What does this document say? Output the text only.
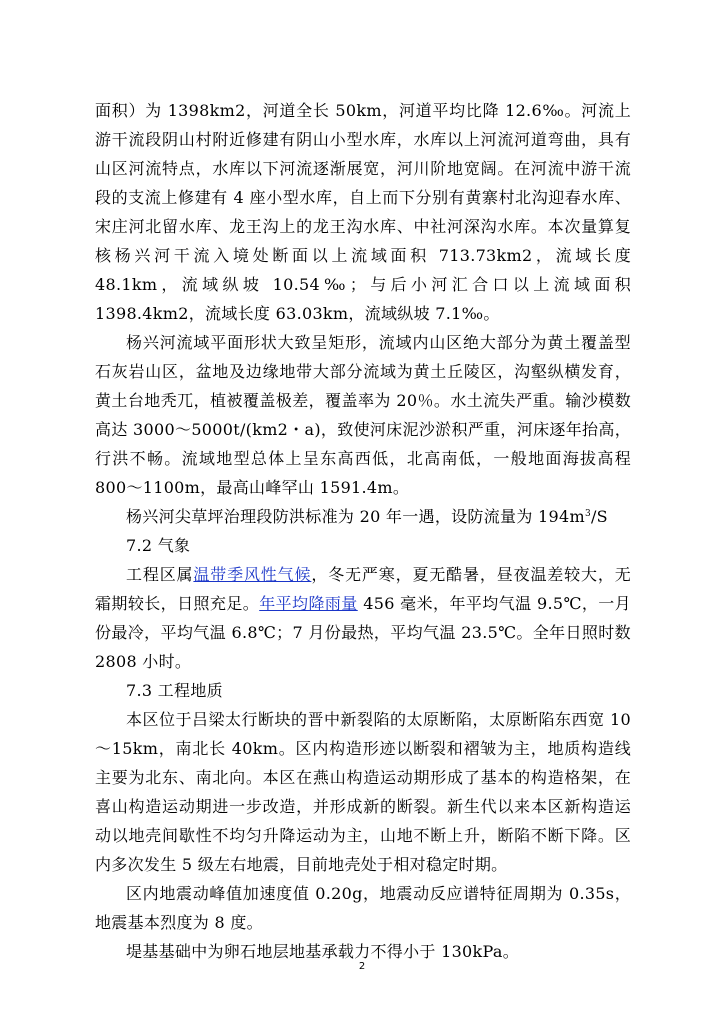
面积）为 1398km2，河道全长 50km，河道平均比降 12.6‰。河流上游干流段阴山村附近修建有阴山小型水库，水库以上河流河道弯曲，具有山区河流特点，水库以下河流逐渐展宽，河川阶地宽阔。在河流中游干流段的支流上修建有 4 座小型水库，自上而下分别有黄寨村北沟迎春水库、宋庄河北留水库、龙王沟上的龙王沟水库、中社河深沟水库。本次量算复核杨兴河干流入境处断面以上流域面积 713.73km2，流域长度 48.1km，流域纵坡 10.54‰；与后小河汇合口以上流域面积 1398.4km2，流域长度 63.03km，流域纵坡 7.1‰。

杨兴河流域平面形状大致呈矩形，流域内山区绝大部分为黄土覆盖型石灰岩山区，盆地及边缘地带大部分流域为黄土丘陵区，沟壑纵横发育，黄土台地秃兀，植被覆盖极差，覆盖率为 20％。水土流失严重。输沙模数高达 3000～5000t/(km2・a)，致使河床泥沙淤积严重，河床逐年抬高，行洪不畅。流域地型总体上呈东高西低，北高南低，一般地面海拔高程 800～1100m，最高山峰罕山 1591.4m。

杨兴河尖草坪治理段防洪标准为 20 年一遇，设防流量为 $194m^3/S$

7.2 气象

工程区属温带季风性气候，冬无严寒，夏无酷暑，昼夜温差较大，无霜期较长，日照充足。年平均降雨量 456 毫米，年平均气温 9.5℃，一月份最冷，平均气温 6.8℃；7 月份最热，平均气温 23.5℃。全年日照时数 2808 小时。

7.3 工程地质

本区位于吕梁太行断块的晋中新裂陷的太原断陷，太原断陷东西宽 10～15km，南北长 40km。区内构造形迹以断裂和褶皱为主，地质构造线主要为北东、南北向。本区在燕山构造运动期形成了基本的构造格架，在喜山构造运动期进一步改造，并形成新的断裂。新生代以来本区新构造运动以地壳间歇性不均匀升降运动为主，山地不断上升，断陷不断下降。区内多次发生 5 级左右地震，目前地壳处于相对稳定时期。

区内地震动峰值加速度值 0.20g，地震动反应谱特征周期为 0.35s，地震基本烈度为 8 度。

堤基基础中为卵石地层地基承载力不得小于 130kPa。

2
